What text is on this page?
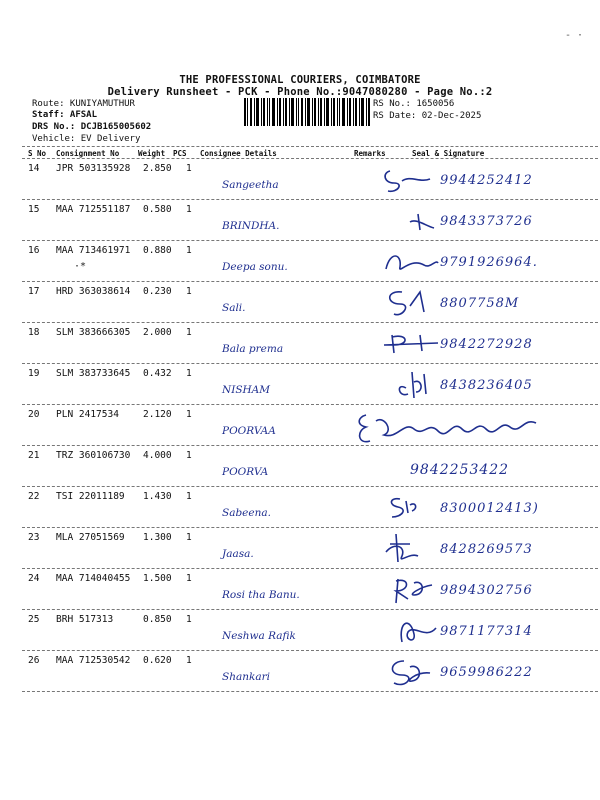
- ·
THE PROFESSIONAL COURIERS, COIMBATORE
Delivery Runsheet - PCK - Phone No.:9047080280 - Page No.:2
Route: KUNIYAMUTHUR
Staff: AFSAL
DRS No.: DCJB165005602
Vehicle: EV Delivery
RS No.: 1650056
RS Date: 02-Dec-2025
S No Consignment No	Weight PCS Consignee Details	Remarks	Seal & Signature
14 JPR 503135928 2.850 1
Sangeetha	9944252412
15 MAA 712551187 0.580 1
BRINDHA.	9843373726
16 MAA 713461971 0.880 1
·*	Deepa sonu.	9791926964.
17 HRD 363038614 0.230 1
Sali.	8807758M
18 SLM 383666305 2.000 1
Bala prema	9842272928
19 SLM 383733645 0.432 1
NISHAM	8438236405
20 PLN 2417534	2.120 1
POORVAA
21 TRZ 360106730 4.000 1
POORVA	9842253422
22 TSI 22011189 1.430 1
Sabeena.	8300012413)
23 MLA 27051569 1.300 1
Jaasa.	8428269573
24 MAA 714040455 1.500 1
Rosi tha Banu.	9894302756
25 BRH 517313	0.850 1
Neshwa Rafik	9871177314
26 MAA 712530542 0.620 1
Shankari	9659986222
